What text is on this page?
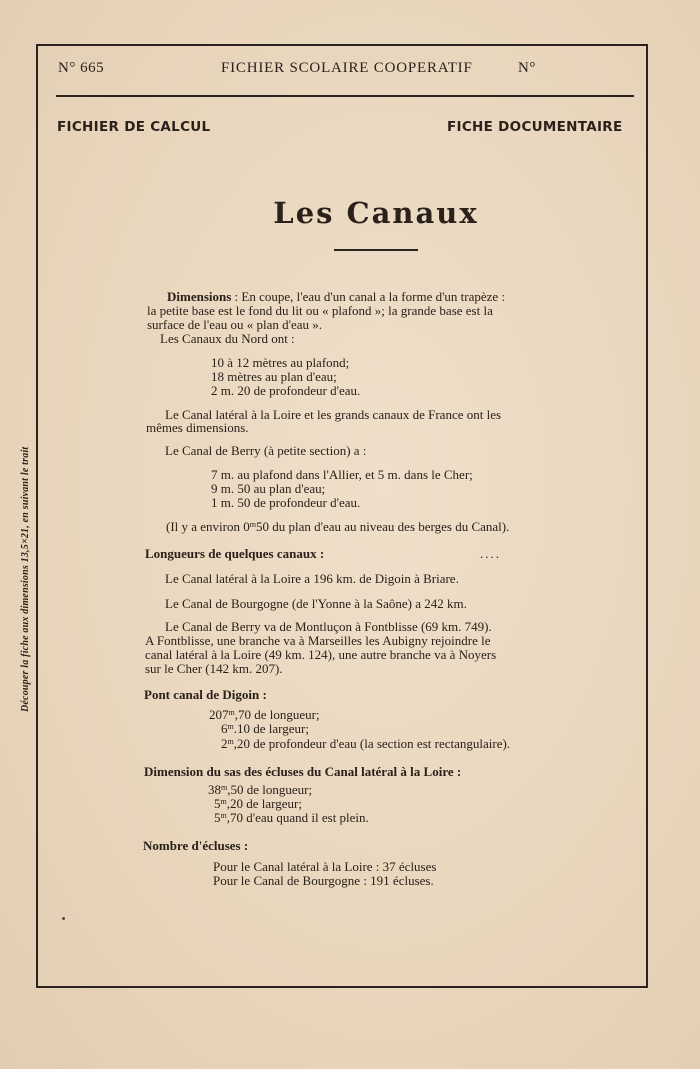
Découper la fiche aux dimensions 13,5×21, en suivant le trait
N° 665	FICHIER SCOLAIRE COOPERATIF	N°
FICHIER DE CALCUL	FICHE DOCUMENTAIRE
Les Canaux
Dimensions : En coupe, l'eau d'un canal a la forme d'un trapèze :
la petite base est le fond du lit ou « plafond »; la grande base est la
surface de l'eau ou « plan d'eau ».
Les Canaux du Nord ont :
10 à 12 mètres au plafond;
18 mètres au plan d'eau;
2 m. 20 de profondeur d'eau.
Le Canal latéral à la Loire et les grands canaux de France ont les
mêmes dimensions.
Le Canal de Berry (à petite section) a :
7 m. au plafond dans l'Allier, et 5 m. dans le Cher;
9 m. 50 au plan d'eau;
1 m. 50 de profondeur d'eau.
(Il y a environ 0$^m$50 du plan d'eau au niveau des berges du Canal).
Longueurs de quelques canaux :	....
Le Canal latéral à la Loire a 196 km. de Digoin à Briare.
Le Canal de Bourgogne (de l'Yonne à la Saône) a 242 km.
Le Canal de Berry va de Montluçon à Fontblisse (69 km. 749).
A Fontblisse, une branche va à Marseilles les Aubigny rejoindre le
canal latéral à la Loire (49 km. 124), une autre branche va à Noyers
sur le Cher (142 km. 207).
Pont canal de Digoin :
207$^m$,70 de longueur;
6$^m$.10 de largeur;
2$^m$,20 de profondeur d'eau (la section est rectangulaire).
Dimension du sas des écluses du Canal latéral à la Loire :
38$^m$,50 de longueur;
5$^m$,20 de largeur;
5$^m$,70 d'eau quand il est plein.
Nombre d'écluses :
Pour le Canal latéral à la Loire : 37 écluses
Pour le Canal de Bourgogne : 191 écluses.
